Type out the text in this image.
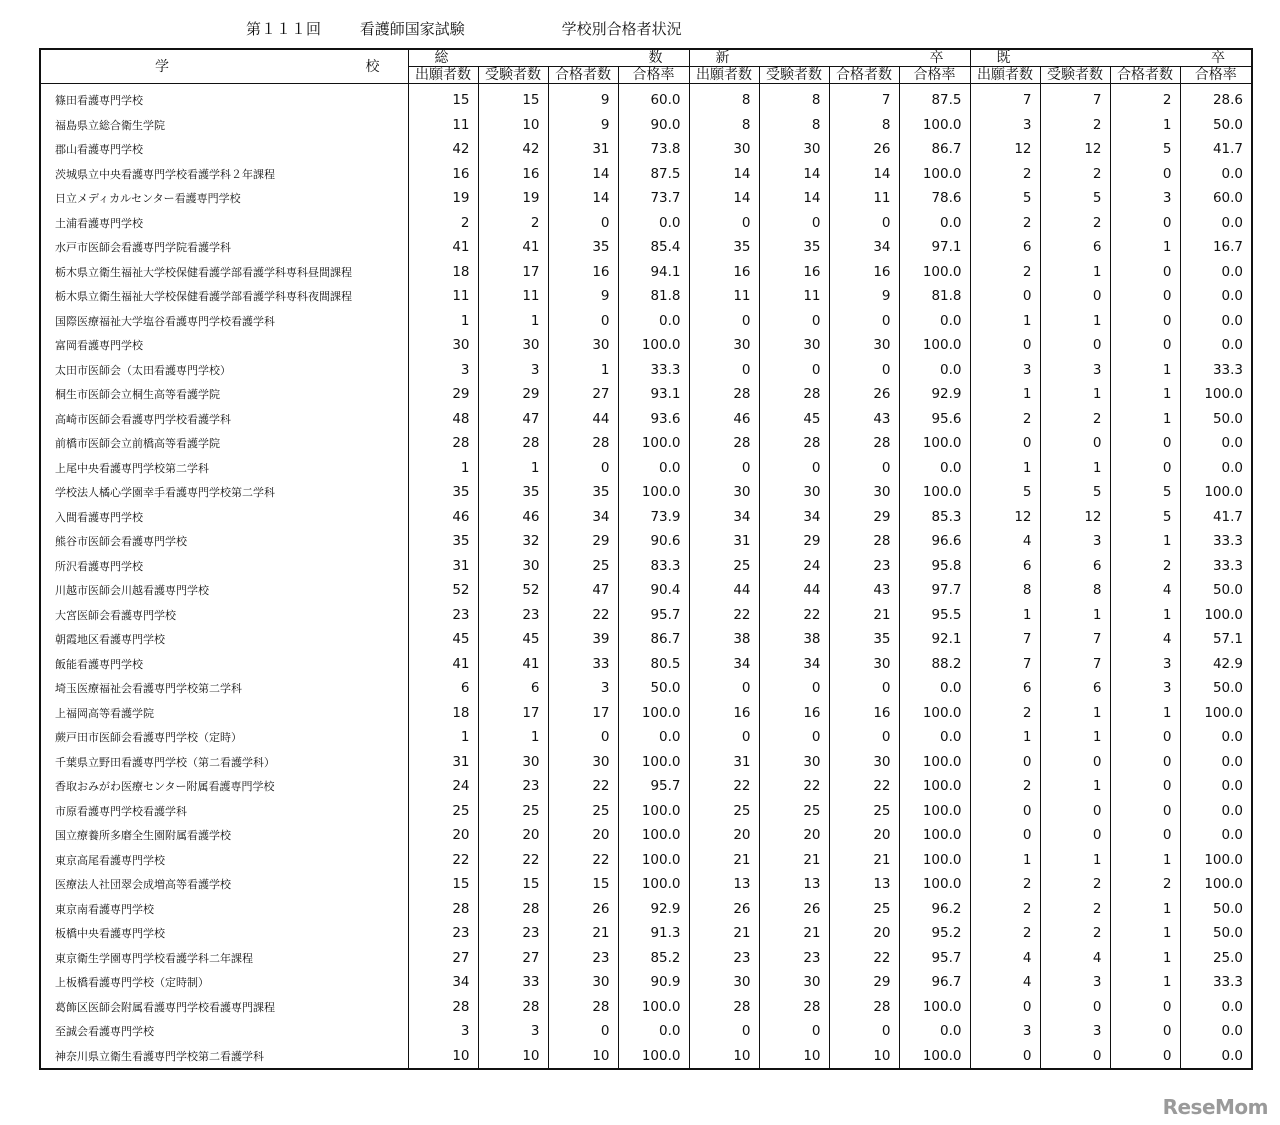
第１１１回	看護師国家試験	学校別合格者状況
学 校	総 数				新 卒				既 卒			

	出願者数	受験者数	合格者数	合格率	出願者数	受験者数	合格者数	合格率	出願者数	受験者数	合格者数	合格率
篠田看護専門学校	15	15	9	60.0	8	8	7	87.5	7	7	2	28.6
福島県立総合衛生学院	11	10	9	90.0	8	8	8	100.0	3	2	1	50.0
郡山看護専門学校	42	42	31	73.8	30	30	26	86.7	12	12	5	41.7
茨城県立中央看護専門学校看護学科２年課程	16	16	14	87.5	14	14	14	100.0	2	2	0	0.0
日立メディカルセンター看護専門学校	19	19	14	73.7	14	14	11	78.6	5	5	3	60.0
土浦看護専門学校	2	2	0	0.0	0	0	0	0.0	2	2	0	0.0
水戸市医師会看護専門学院看護学科	41	41	35	85.4	35	35	34	97.1	6	6	1	16.7
栃木県立衛生福祉大学校保健看護学部看護学科専科昼間課程	18	17	16	94.1	16	16	16	100.0	2	1	0	0.0
栃木県立衛生福祉大学校保健看護学部看護学科専科夜間課程	11	11	9	81.8	11	11	9	81.8	0	0	0	0.0
国際医療福祉大学塩谷看護専門学校看護学科	1	1	0	0.0	0	0	0	0.0	1	1	0	0.0
富岡看護専門学校	30	30	30	100.0	30	30	30	100.0	0	0	0	0.0
太田市医師会（太田看護専門学校）	3	3	1	33.3	0	0	0	0.0	3	3	1	33.3
桐生市医師会立桐生高等看護学院	29	29	27	93.1	28	28	26	92.9	1	1	1	100.0
高崎市医師会看護専門学校看護学科	48	47	44	93.6	46	45	43	95.6	2	2	1	50.0
前橋市医師会立前橋高等看護学院	28	28	28	100.0	28	28	28	100.0	0	0	0	0.0
上尾中央看護専門学校第二学科	1	1	0	0.0	0	0	0	0.0	1	1	0	0.0
学校法人橘心学園幸手看護専門学校第二学科	35	35	35	100.0	30	30	30	100.0	5	5	5	100.0
入間看護専門学校	46	46	34	73.9	34	34	29	85.3	12	12	5	41.7
熊谷市医師会看護専門学校	35	32	29	90.6	31	29	28	96.6	4	3	1	33.3
所沢看護専門学校	31	30	25	83.3	25	24	23	95.8	6	6	2	33.3
川越市医師会川越看護専門学校	52	52	47	90.4	44	44	43	97.7	8	8	4	50.0
大宮医師会看護専門学校	23	23	22	95.7	22	22	21	95.5	1	1	1	100.0
朝霞地区看護専門学校	45	45	39	86.7	38	38	35	92.1	7	7	4	57.1
飯能看護専門学校	41	41	33	80.5	34	34	30	88.2	7	7	3	42.9
埼玉医療福祉会看護専門学校第二学科	6	6	3	50.0	0	0	0	0.0	6	6	3	50.0
上福岡高等看護学院	18	17	17	100.0	16	16	16	100.0	2	1	1	100.0
蕨戸田市医師会看護専門学校（定時）	1	1	0	0.0	0	0	0	0.0	1	1	0	0.0
千葉県立野田看護専門学校（第二看護学科）	31	30	30	100.0	31	30	30	100.0	0	0	0	0.0
香取おみがわ医療センター附属看護専門学校	24	23	22	95.7	22	22	22	100.0	2	1	0	0.0
市原看護専門学校看護学科	25	25	25	100.0	25	25	25	100.0	0	0	0	0.0
国立療養所多磨全生園附属看護学校	20	20	20	100.0	20	20	20	100.0	0	0	0	0.0
東京高尾看護専門学校	22	22	22	100.0	21	21	21	100.0	1	1	1	100.0
医療法人社団翠会成増高等看護学校	15	15	15	100.0	13	13	13	100.0	2	2	2	100.0
東京南看護専門学校	28	28	26	92.9	26	26	25	96.2	2	2	1	50.0
板橋中央看護専門学校	23	23	21	91.3	21	21	20	95.2	2	2	1	50.0
東京衛生学園専門学校看護学科二年課程	27	27	23	85.2	23	23	22	95.7	4	4	1	25.0
上板橋看護専門学校（定時制）	34	33	30	90.9	30	30	29	96.7	4	3	1	33.3
葛飾区医師会附属看護専門学校看護専門課程	28	28	28	100.0	28	28	28	100.0	0	0	0	0.0
至誠会看護専門学校	3	3	0	0.0	0	0	0	0.0	3	3	0	0.0
神奈川県立衛生看護専門学校第二看護学科	10	10	10	100.0	10	10	10	100.0	0	0	0	0.0
ReseMom
